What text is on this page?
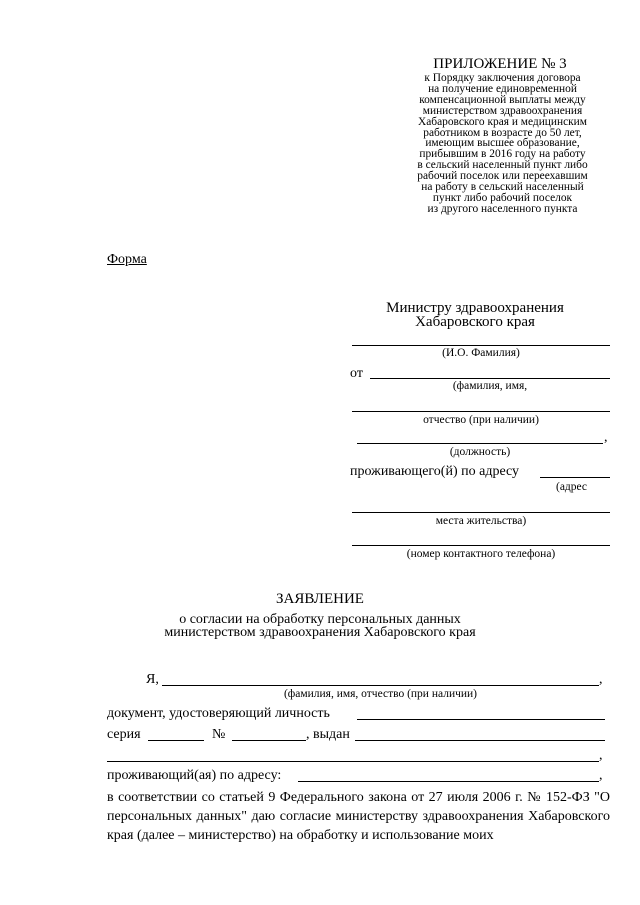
ПРИЛОЖЕНИЕ № 3
к Порядку заключения договора
на получение единовременной
компенсационной выплаты между
министерством здравоохранения
Хабаровского края и медицинским
работником в возрасте до 50 лет,
имеющим высшее образование,
прибывшим в 2016 году на работу
в сельский населенный пункт либо
рабочий поселок или переехавшим
на работу в сельский населенный
пункт либо рабочий поселок
из другого населенного пункта
Форма
Министру здравоохранения
Хабаровского края
(И.О. Фамилия)
от
(фамилия, имя,
отчество (при наличии)
,
(должность)
проживающего(й) по адресу
(адрес
места жительства)
(номер контактного телефона)
ЗАЯВЛЕНИЕ
о согласии на обработку персональных данных
министерством здравоохранения Хабаровского края
Я,	,
(фамилия, имя, отчество (при наличии)
документ, удостоверяющий личность
серия	№	, выдан
,
проживающий(ая) по адресу:	,
в соответствии со статьей 9 Федерального закона от 27 июля 2006 г. № 152-ФЗ "О персональных данных" даю согласие министерству здравоохранения Хабаровского края (далее – министерство) на обработку и использование моих
